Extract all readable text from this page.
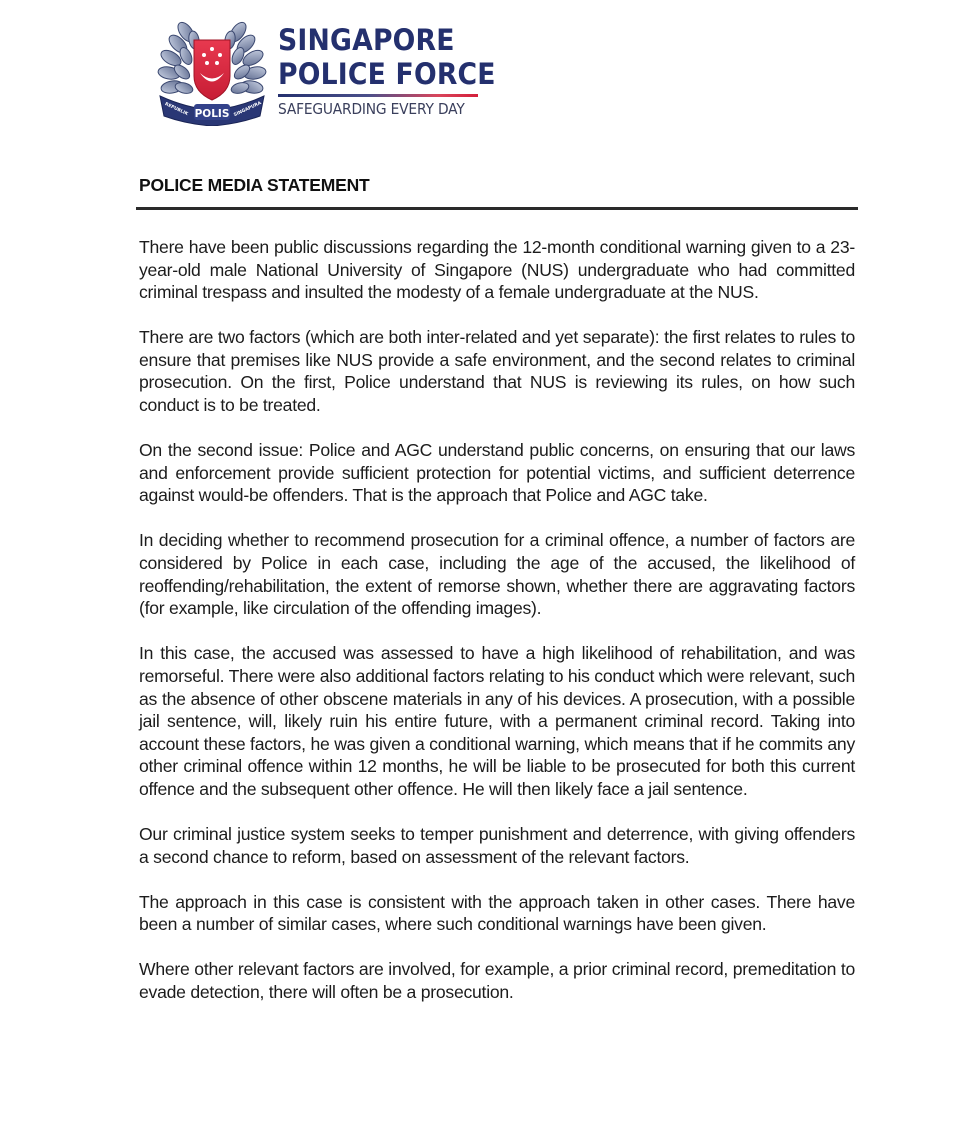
POLIS
REPUBLIK	SINGAPURA
SINGAPORE
POLICE FORCE
SAFEGUARDING EVERY DAY
POLICE MEDIA STATEMENT

There have been public discussions regarding the 12-month conditional warning given to a 23-year-old male National University of Singapore (NUS) undergraduate who had committed criminal trespass and insulted the modesty of a female undergraduate at the NUS.

There are two factors (which are both inter-related and yet separate): the first relates to rules to ensure that premises like NUS provide a safe environment, and the second relates to criminal prosecution. On the first, Police understand that NUS is reviewing its rules, on how such conduct is to be treated.

On the second issue: Police and AGC understand public concerns, on ensuring that our laws and enforcement provide sufficient protection for potential victims, and sufficient deterrence against would-be offenders. That is the approach that Police and AGC take.

In deciding whether to recommend prosecution for a criminal offence, a number of factors are considered by Police in each case, including the age of the accused, the likelihood of reoffending/rehabilitation, the extent of remorse shown, whether there are aggravating factors (for example, like circulation of the offending images).

In this case, the accused was assessed to have a high likelihood of rehabilitation, and was remorseful. There were also additional factors relating to his conduct which were relevant, such as the absence of other obscene materials in any of his devices. A prosecution, with a possible jail sentence, will, likely ruin his entire future, with a permanent criminal record. Taking into account these factors, he was given a conditional warning, which means that if he commits any other criminal offence within 12 months, he will be liable to be prosecuted for both this current offence and the subsequent other offence. He will then likely face a jail sentence.

Our criminal justice system seeks to temper punishment and deterrence, with giving offenders a second chance to reform, based on assessment of the relevant factors.

The approach in this case is consistent with the approach taken in other cases. There have been a number of similar cases, where such conditional warnings have been given.

Where other relevant factors are involved, for example, a prior criminal record, premeditation to evade detection, there will often be a prosecution.
